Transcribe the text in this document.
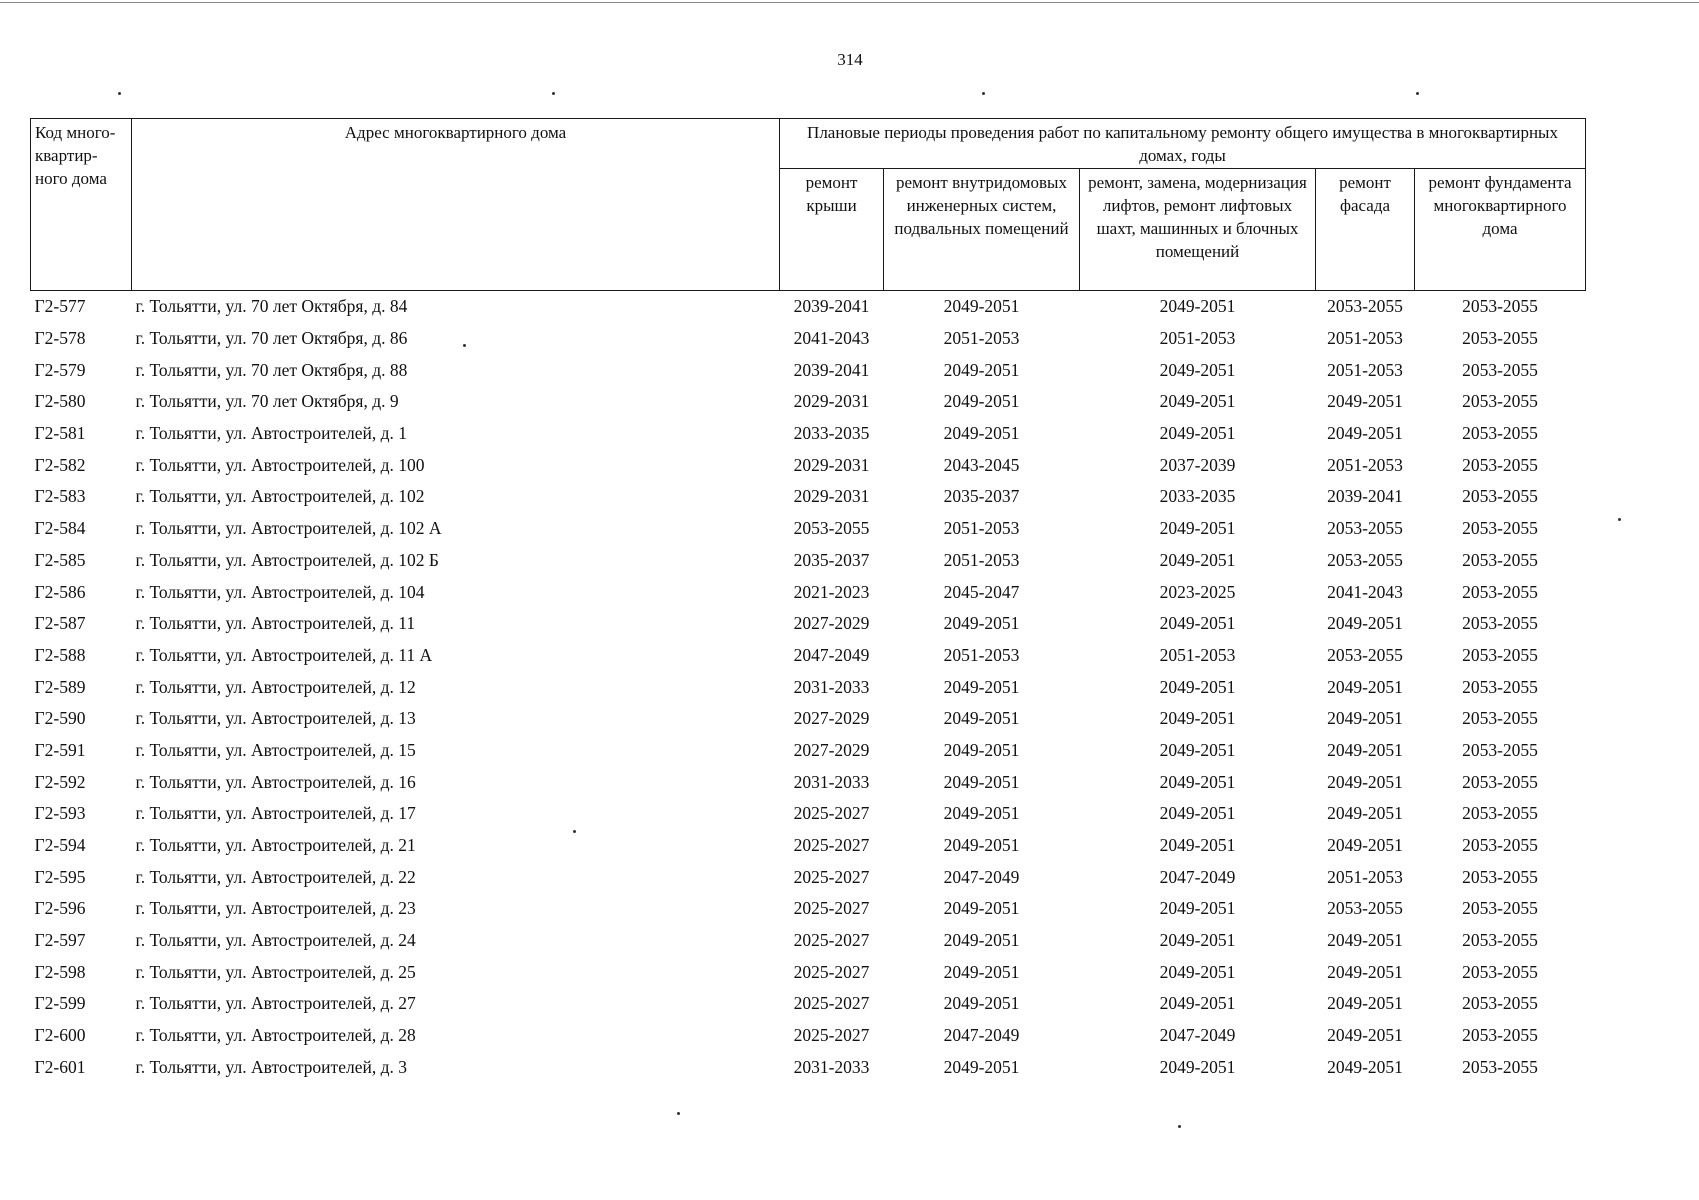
314
Код много-квартир-ного дома	Адрес многоквартирного дома	Плановые периоды проведения работ по капитальному ремонту общего имущества в многоквартирных домах, годы				
		ремонт крыши	ремонт внутридомовых инженерных систем, подвальных помещений	ремонт, замена, модернизация лифтов, ремонт лифтовых шахт, машинных и блочных помещений	ремонт фасада	ремонт фундамента многоквартирного дома
Г2-577	г. Тольятти, ул. 70 лет Октября, д. 84	2039-2041	2049-2051	2049-2051	2053-2055	2053-2055
Г2-578	г. Тольятти, ул. 70 лет Октября, д. 86	2041-2043	2051-2053	2051-2053	2051-2053	2053-2055
Г2-579	г. Тольятти, ул. 70 лет Октября, д. 88	2039-2041	2049-2051	2049-2051	2051-2053	2053-2055
Г2-580	г. Тольятти, ул. 70 лет Октября, д. 9	2029-2031	2049-2051	2049-2051	2049-2051	2053-2055
Г2-581	г. Тольятти, ул. Автостроителей, д. 1	2033-2035	2049-2051	2049-2051	2049-2051	2053-2055
Г2-582	г. Тольятти, ул. Автостроителей, д. 100	2029-2031	2043-2045	2037-2039	2051-2053	2053-2055
Г2-583	г. Тольятти, ул. Автостроителей, д. 102	2029-2031	2035-2037	2033-2035	2039-2041	2053-2055
Г2-584	г. Тольятти, ул. Автостроителей, д. 102 А	2053-2055	2051-2053	2049-2051	2053-2055	2053-2055
Г2-585	г. Тольятти, ул. Автостроителей, д. 102 Б	2035-2037	2051-2053	2049-2051	2053-2055	2053-2055
Г2-586	г. Тольятти, ул. Автостроителей, д. 104	2021-2023	2045-2047	2023-2025	2041-2043	2053-2055
Г2-587	г. Тольятти, ул. Автостроителей, д. 11	2027-2029	2049-2051	2049-2051	2049-2051	2053-2055
Г2-588	г. Тольятти, ул. Автостроителей, д. 11 А	2047-2049	2051-2053	2051-2053	2053-2055	2053-2055
Г2-589	г. Тольятти, ул. Автостроителей, д. 12	2031-2033	2049-2051	2049-2051	2049-2051	2053-2055
Г2-590	г. Тольятти, ул. Автостроителей, д. 13	2027-2029	2049-2051	2049-2051	2049-2051	2053-2055
Г2-591	г. Тольятти, ул. Автостроителей, д. 15	2027-2029	2049-2051	2049-2051	2049-2051	2053-2055
Г2-592	г. Тольятти, ул. Автостроителей, д. 16	2031-2033	2049-2051	2049-2051	2049-2051	2053-2055
Г2-593	г. Тольятти, ул. Автостроителей, д. 17	2025-2027	2049-2051	2049-2051	2049-2051	2053-2055
Г2-594	г. Тольятти, ул. Автостроителей, д. 21	2025-2027	2049-2051	2049-2051	2049-2051	2053-2055
Г2-595	г. Тольятти, ул. Автостроителей, д. 22	2025-2027	2047-2049	2047-2049	2051-2053	2053-2055
Г2-596	г. Тольятти, ул. Автостроителей, д. 23	2025-2027	2049-2051	2049-2051	2053-2055	2053-2055
Г2-597	г. Тольятти, ул. Автостроителей, д. 24	2025-2027	2049-2051	2049-2051	2049-2051	2053-2055
Г2-598	г. Тольятти, ул. Автостроителей, д. 25	2025-2027	2049-2051	2049-2051	2049-2051	2053-2055
Г2-599	г. Тольятти, ул. Автостроителей, д. 27	2025-2027	2049-2051	2049-2051	2049-2051	2053-2055
Г2-600	г. Тольятти, ул. Автостроителей, д. 28	2025-2027	2047-2049	2047-2049	2049-2051	2053-2055
Г2-601	г. Тольятти, ул. Автостроителей, д. 3	2031-2033	2049-2051	2049-2051	2049-2051	2053-2055
